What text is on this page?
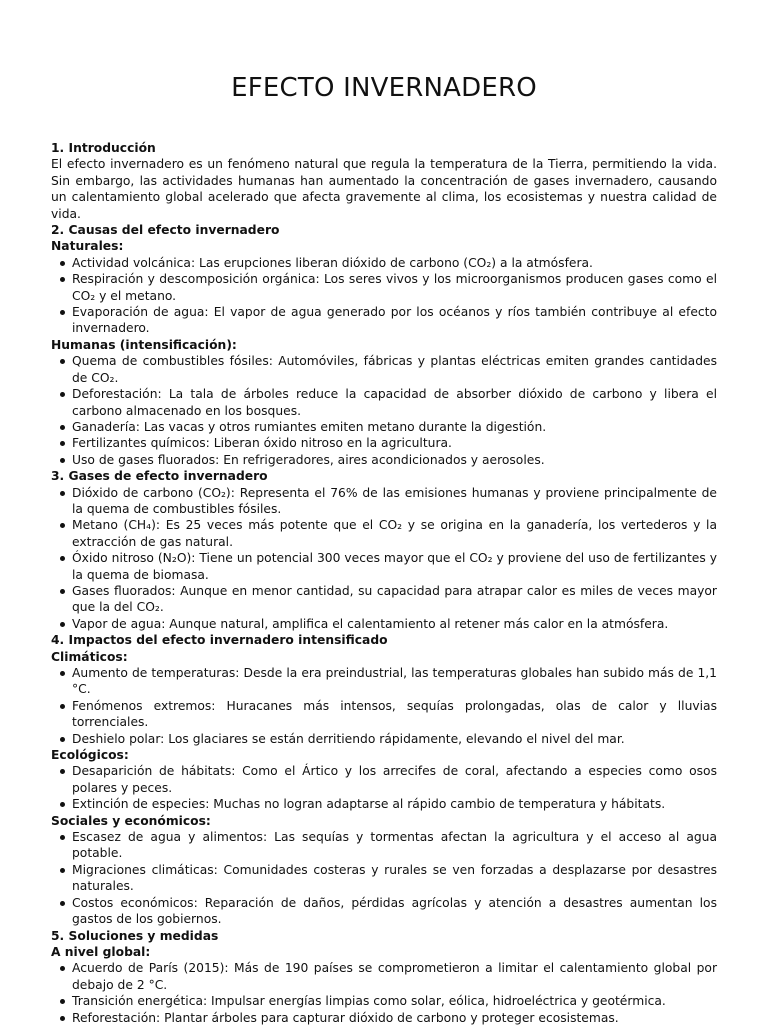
EFECTO INVERNADERO

1. Introducción

El efecto invernadero es un fenómeno natural que regula la temperatura de la Tierra, permitiendo la vida. Sin embargo, las actividades humanas han aumentado la concentración de gases invernadero, causando un calentamiento global acelerado que afecta gravemente al clima, los ecosistemas y nuestra calidad de vida.

2. Causas del efecto invernadero

Naturales:

Actividad volcánica: Las erupciones liberan dióxido de carbono (CO₂) a la atmósfera.
Respiración y descomposición orgánica: Los seres vivos y los microorganismos producen gases como el CO₂ y el metano.
Evaporación de agua: El vapor de agua generado por los océanos y ríos también contribuye al efecto invernadero.

Humanas (intensificación):

Quema de combustibles fósiles: Automóviles, fábricas y plantas eléctricas emiten grandes cantidades de CO₂.
Deforestación: La tala de árboles reduce la capacidad de absorber dióxido de carbono y libera el carbono almacenado en los bosques.
Ganadería: Las vacas y otros rumiantes emiten metano durante la digestión.
Fertilizantes químicos: Liberan óxido nitroso en la agricultura.
Uso de gases fluorados: En refrigeradores, aires acondicionados y aerosoles.

3. Gases de efecto invernadero

Dióxido de carbono (CO₂): Representa el 76% de las emisiones humanas y proviene principalmente de la quema de combustibles fósiles.
Metano (CH₄): Es 25 veces más potente que el CO₂ y se origina en la ganadería, los vertederos y la extracción de gas natural.
Óxido nitroso (N₂O): Tiene un potencial 300 veces mayor que el CO₂ y proviene del uso de fertilizantes y la quema de biomasa.
Gases fluorados: Aunque en menor cantidad, su capacidad para atrapar calor es miles de veces mayor que la del CO₂.
Vapor de agua: Aunque natural, amplifica el calentamiento al retener más calor en la atmósfera.

4. Impactos del efecto invernadero intensificado

Climáticos:

Aumento de temperaturas: Desde la era preindustrial, las temperaturas globales han subido más de 1,1 °C.
Fenómenos extremos: Huracanes más intensos, sequías prolongadas, olas de calor y lluvias torrenciales.
Deshielo polar: Los glaciares se están derritiendo rápidamente, elevando el nivel del mar.

Ecológicos:

Desaparición de hábitats: Como el Ártico y los arrecifes de coral, afectando a especies como osos polares y peces.
Extinción de especies: Muchas no logran adaptarse al rápido cambio de temperatura y hábitats.

Sociales y económicos:

Escasez de agua y alimentos: Las sequías y tormentas afectan la agricultura y el acceso al agua potable.
Migraciones climáticas: Comunidades costeras y rurales se ven forzadas a desplazarse por desastres naturales.
Costos económicos: Reparación de daños, pérdidas agrícolas y atención a desastres aumentan los gastos de los gobiernos.

5. Soluciones y medidas

A nivel global:

Acuerdo de París (2015): Más de 190 países se comprometieron a limitar el calentamiento global por debajo de 2 °C.
Transición energética: Impulsar energías limpias como solar, eólica, hidroeléctrica y geotérmica.
Reforestación: Plantar árboles para capturar dióxido de carbono y proteger ecosistemas.
